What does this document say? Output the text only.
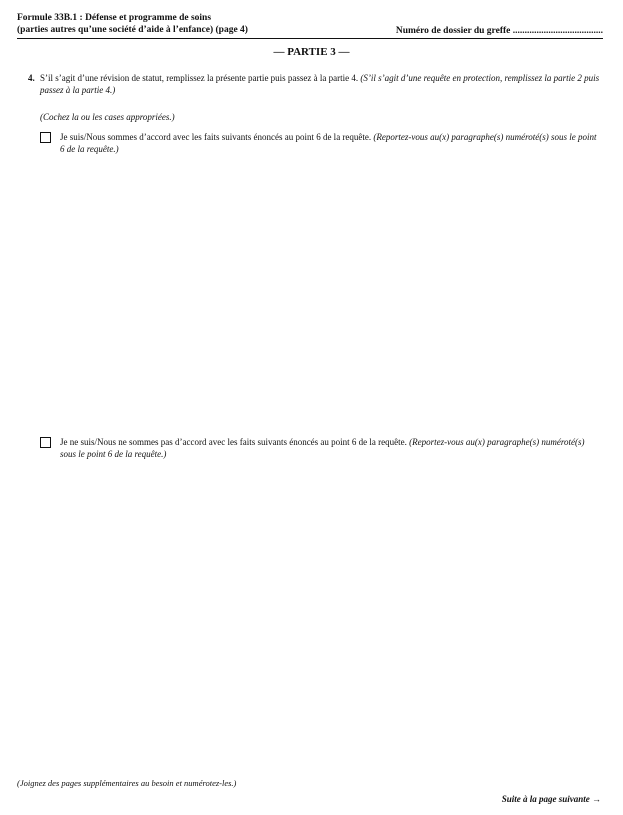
Formule 33B.1 : Défense et programme de soins
(parties autres qu’une société d’aide à l’enfance) (page 4)	Numéro de dossier du greffe ......................................
— PARTIE 3 —
4. S’il s’agit d’une révision de statut, remplissez la présente partie puis passez à la partie 4. (S’il s’agit d’une requête en protection, remplissez la partie 2 puis passez à la partie 4.)
(Cochez la ou les cases appropriées.)
Je suis/Nous sommes d’accord avec les faits suivants énoncés au point 6 de la requête. (Reportez-vous au(x) paragraphe(s) numéroté(s) sous le point 6 de la requête.)
Je ne suis/Nous ne sommes pas d’accord avec les faits suivants énoncés au point 6 de la requête. (Reportez-vous au(x) paragraphe(s) numéroté(s) sous le point 6 de la requête.)
(Joignez des pages supplémentaires au besoin et numérotez-les.)
Suite à la page suivante →
